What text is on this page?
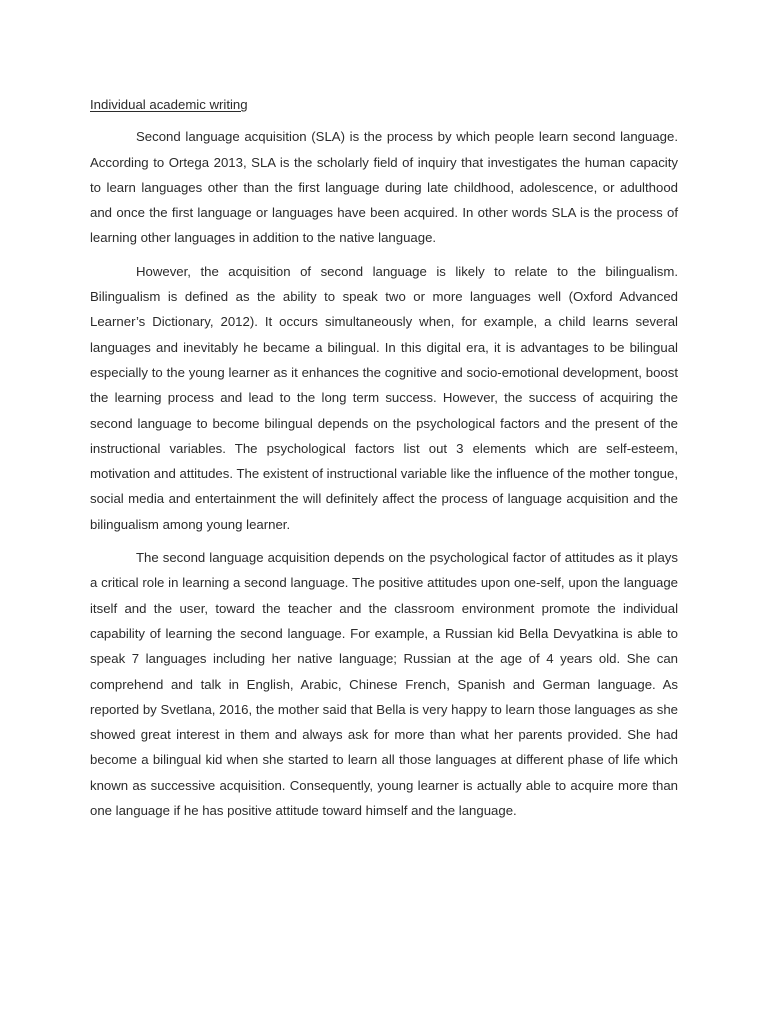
Individual academic writing

Second language acquisition (SLA) is the process by which people learn second language. According to Ortega 2013, SLA is the scholarly field of inquiry that investigates the human capacity to learn languages other than the first language during late childhood, adolescence, or adulthood and once the first language or languages have been acquired. In other words SLA is the process of learning other languages in addition to the native language.

However, the acquisition of second language is likely to relate to the bilingualism. Bilingualism is defined as the ability to speak two or more languages well (Oxford Advanced Learner’s Dictionary, 2012). It occurs simultaneously when, for example, a child learns several languages and inevitably he became a bilingual. In this digital era, it is advantages to be bilingual especially to the young learner as it enhances the cognitive and socio-emotional development, boost the learning process and lead to the long term success. However, the success of acquiring the second language to become bilingual depends on the psychological factors and the present of the instructional variables. The psychological factors list out 3 elements which are self-esteem, motivation and attitudes. The existent of instructional variable like the influence of the mother tongue, social media and entertainment the will definitely affect the process of language acquisition and the bilingualism among young learner.

The second language acquisition depends on the psychological factor of attitudes as it plays a critical role in learning a second language. The positive attitudes upon one-self, upon the language itself and the user, toward the teacher and the classroom environment promote the individual capability of learning the second language. For example, a Russian kid Bella Devyatkina is able to speak 7 languages including her native language; Russian at the age of 4 years old. She can comprehend and talk in English, Arabic, Chinese French, Spanish and German language. As reported by Svetlana, 2016, the mother said that Bella is very happy to learn those languages as she showed great interest in them and always ask for more than what her parents provided. She had become a bilingual kid when she started to learn all those languages at different phase of life which known as successive acquisition. Consequently, young learner is actually able to acquire more than one language if he has positive attitude toward himself and the language.
